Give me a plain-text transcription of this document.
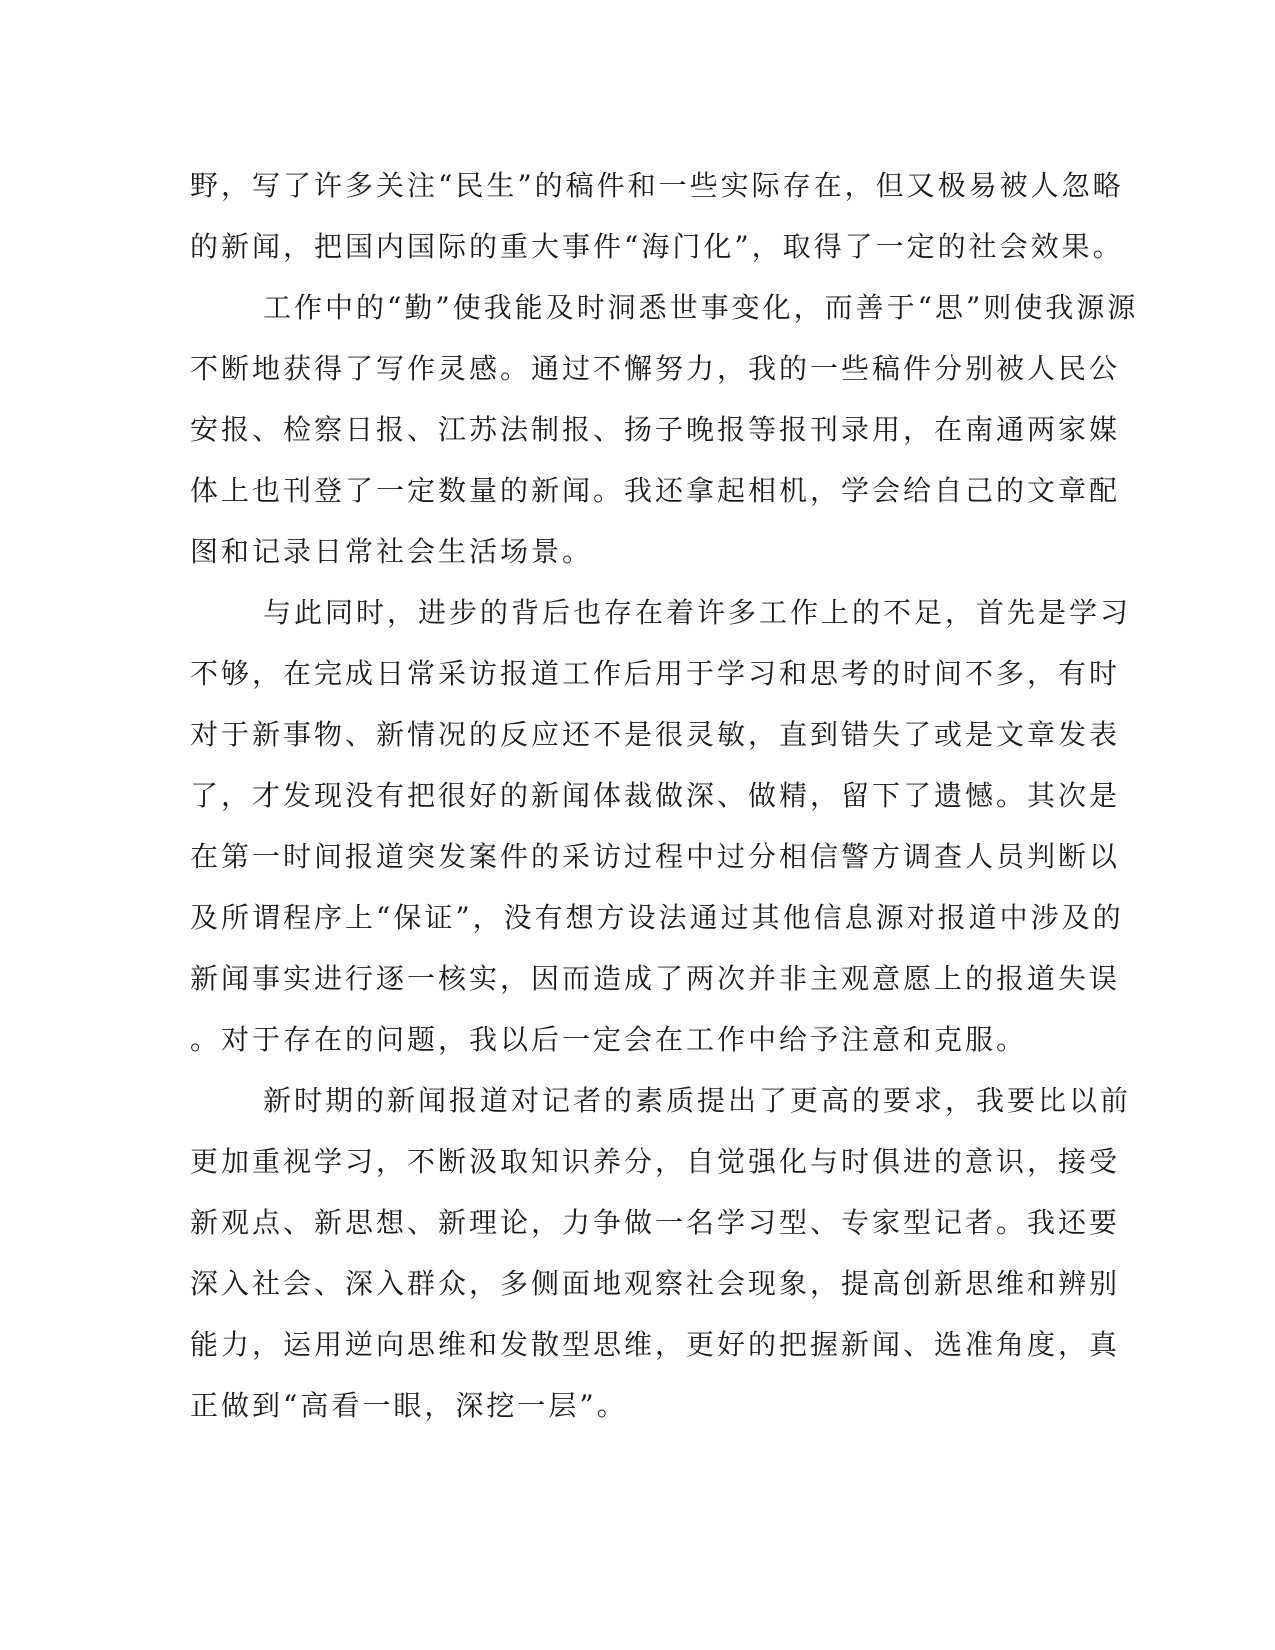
野，写了许多关注“民生”的稿件和一些实际存在，但又极易被人忽略
的新闻，把国内国际的重大事件“海门化”，取得了一定的社会效果。
工作中的“勤”使我能及时洞悉世事变化，而善于“思”则使我源源
不断地获得了写作灵感。通过不懈努力，我的一些稿件分别被人民公
安报、检察日报、江苏法制报、扬子晚报等报刊录用，在南通两家媒
体上也刊登了一定数量的新闻。我还拿起相机，学会给自己的文章配
图和记录日常社会生活场景。
与此同时，进步的背后也存在着许多工作上的不足，首先是学习
不够，在完成日常采访报道工作后用于学习和思考的时间不多，有时
对于新事物、新情况的反应还不是很灵敏，直到错失了或是文章发表
了，才发现没有把很好的新闻体裁做深、做精，留下了遗憾。其次是
在第一时间报道突发案件的采访过程中过分相信警方调查人员判断以
及所谓程序上“保证”，没有想方设法通过其他信息源对报道中涉及的
新闻事实进行逐一核实，因而造成了两次并非主观意愿上的报道失误
。对于存在的问题，我以后一定会在工作中给予注意和克服。
新时期的新闻报道对记者的素质提出了更高的要求，我要比以前
更加重视学习，不断汲取知识养分，自觉强化与时俱进的意识，接受
新观点、新思想、新理论，力争做一名学习型、专家型记者。我还要
深入社会、深入群众，多侧面地观察社会现象，提高创新思维和辨别
能力，运用逆向思维和发散型思维，更好的把握新闻、选准角度，真
正做到“高看一眼，深挖一层”。
